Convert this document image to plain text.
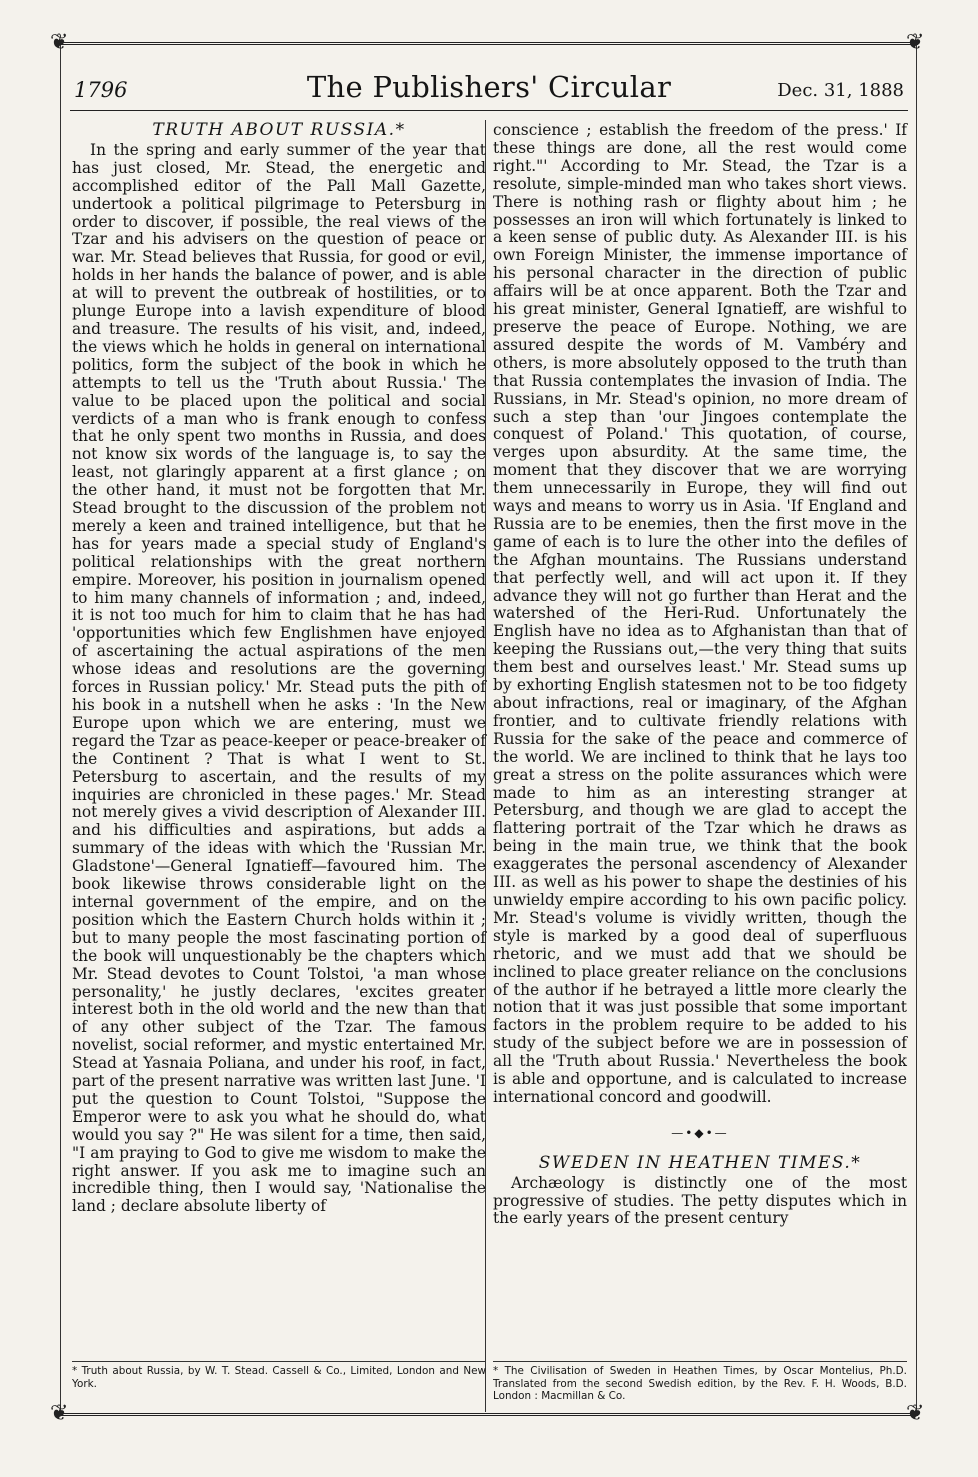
❦	❦
❦	❦
1796	The Publishers' Circular	Dec. 31, 1888
TRUTH ABOUT RUSSIA.*

In the spring and early summer of the year that has just closed, Mr. Stead, the energetic and accomplished editor of the Pall Mall Gazette, undertook a political pilgrimage to Petersburg in order to discover, if possible, the real views of the Tzar and his advisers on the question of peace or war. Mr. Stead believes that Russia, for good or evil, holds in her hands the balance of power, and is able at will to prevent the outbreak of hostilities, or to plunge Europe into a lavish expenditure of blood and treasure. The results of his visit, and, indeed, the views which he holds in general on international politics, form the subject of the book in which he attempts to tell us the 'Truth about Russia.' The value to be placed upon the political and social verdicts of a man who is frank enough to confess that he only spent two months in Russia, and does not know six words of the language is, to say the least, not glaringly apparent at a first glance ; on the other hand, it must not be forgotten that Mr. Stead brought to the discussion of the problem not merely a keen and trained intelligence, but that he has for years made a special study of England's political relationships with the great northern empire. Moreover, his position in journalism opened to him many channels of information ; and, indeed, it is not too much for him to claim that he has had 'opportunities which few Englishmen have enjoyed of ascertaining the actual aspirations of the men whose ideas and resolutions are the governing forces in Russian policy.' Mr. Stead puts the pith of his book in a nutshell when he asks : 'In the New Europe upon which we are entering, must we regard the Tzar as peace-keeper or peace-breaker of the Continent ? That is what I went to St. Petersburg to ascertain, and the results of my inquiries are chronicled in these pages.' Mr. Stead not merely gives a vivid description of Alexander III. and his difficulties and aspirations, but adds a summary of the ideas with which the 'Russian Mr. Gladstone'—General Ignatieff—favoured him. The book likewise throws considerable light on the internal government of the empire, and on the position which the Eastern Church holds within it ; but to many people the most fascinating portion of the book will unquestionably be the chapters which Mr. Stead devotes to Count Tolstoi, 'a man whose personality,' he justly declares, 'excites greater interest both in the old world and the new than that of any other subject of the Tzar. The famous novelist, social reformer, and mystic entertained Mr. Stead at Yasnaia Poliana, and under his roof, in fact, part of the present narrative was written last June. 'I put the question to Count Tolstoi, "Suppose the Emperor were to ask you what he should do, what would you say ?" He was silent for a time, then said, "I am praying to God to give me wisdom to make the right answer. If you ask me to imagine such an incredible thing, then I would say, 'Nationalise the land ; declare absolute liberty of

conscience ; establish the freedom of the press.' If these things are done, all the rest would come right."' According to Mr. Stead, the Tzar is a resolute, simple-minded man who takes short views. There is nothing rash or flighty about him ; he possesses an iron will which fortunately is linked to a keen sense of public duty. As Alexander III. is his own Foreign Minister, the immense importance of his personal character in the direction of public affairs will be at once apparent. Both the Tzar and his great minister, General Ignatieff, are wishful to preserve the peace of Europe. Nothing, we are assured despite the words of M. Vambéry and others, is more absolutely opposed to the truth than that Russia contemplates the invasion of India. The Russians, in Mr. Stead's opinion, no more dream of such a step than 'our Jingoes contemplate the conquest of Poland.' This quotation, of course, verges upon absurdity. At the same time, the moment that they discover that we are worrying them unnecessarily in Europe, they will find out ways and means to worry us in Asia. 'If England and Russia are to be enemies, then the first move in the game of each is to lure the other into the defiles of the Afghan mountains. The Russians understand that perfectly well, and will act upon it. If they advance they will not go further than Herat and the watershed of the Heri-Rud. Unfortunately the English have no idea as to Afghanistan than that of keeping the Russians out,—the very thing that suits them best and ourselves least.' Mr. Stead sums up by exhorting English statesmen not to be too fidgety about infractions, real or imaginary, of the Afghan frontier, and to cultivate friendly relations with Russia for the sake of the peace and commerce of the world. We are inclined to think that he lays too great a stress on the polite assurances which were made to him as an interesting stranger at Petersburg, and though we are glad to accept the flattering portrait of the Tzar which he draws as being in the main true, we think that the book exaggerates the personal ascendency of Alexander III. as well as his power to shape the destinies of his unwieldy empire according to his own pacific policy. Mr. Stead's volume is vividly written, though the style is marked by a good deal of superfluous rhetoric, and we must add that we should be inclined to place greater reliance on the conclusions of the author if he betrayed a little more clearly the notion that it was just possible that some important factors in the problem require to be added to his study of the subject before we are in possession of all the 'Truth about Russia.' Nevertheless the book is able and opportune, and is calculated to increase international concord and goodwill.

—•◆•—
SWEDEN IN HEATHEN TIMES.*

Archæology is distinctly one of the most progressive of studies. The petty disputes which in the early years of the present century

* Truth about Russia, by W. T. Stead. Cassell & Co., Limited, London and New York.
* The Civilisation of Sweden in Heathen Times, by Oscar Montelius, Ph.D. Translated from the second Swedish edition, by the Rev. F. H. Woods, B.D. London : Macmillan & Co.
